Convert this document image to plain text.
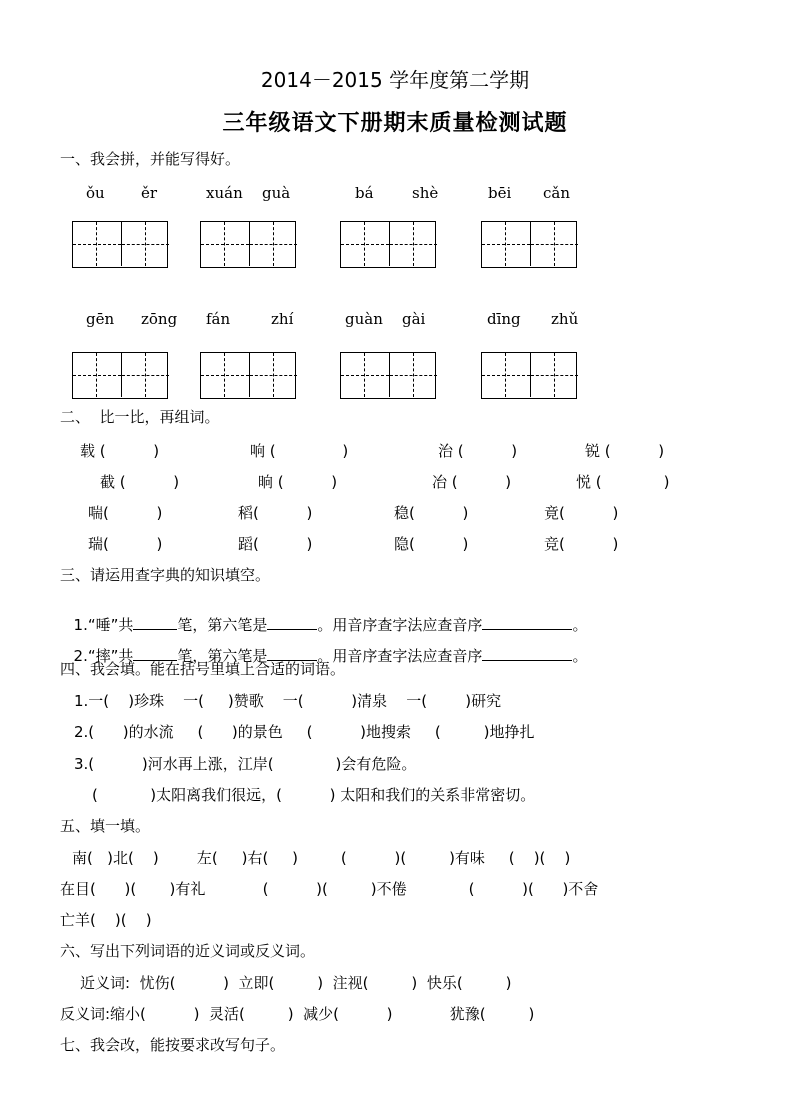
2014－2015 学年度第二学期
三年级语文下册期末质量检测试题
一、我会拼，并能写得好。
ǒu ěr	xuán guà	bá	shè	bēi cǎn
gēn zōng fán	zhí	guàn gài	dīng zhǔ
二、  比一比，再组词。
载 (          )	响 (              )	治 (          )	锐 (          )
截 (          )	晌 (          )	冶 (          )	悦 (             )
喘(          )	稻(          )	稳(          )	竟(          )
瑞(          )	蹈(          )	隐(          )	竞(          )
三、请运用查字典的知识填空。

1.“唾”共	笔，第六笔是	。用音序查字法应查音序	。

2.“摔”共	笔，第六笔是	。用音序查字法应查音序	。

四、我会填。能在括号里填上合适的词语。
1.一(    )珍珠    一(     )赞歌    一(          )清泉    一(        )研究
2.(      )的水流     (      )的景色     (          )地搜索     (         )地挣扎
3.(          )河水再上涨，江岸(             )会有危险。
(           )太阳离我们很远，(          ) 太阳和我们的关系非常密切。
五、填一填。
南(   )北(    )        左(     )右(     )         (          )(         )有味     (    )(    )
在目(      )(       )有礼            (          )(         )不倦             (          )(      )不舍
亡羊(    )(    )
六、写出下列词语的近义词或反义词。
近义词:  忧伤(          )  立即(         )  注视(         )  快乐(         )
反义词:缩小(          )  灵活(         )  减少(          )            犹豫(         )
七、我会改，能按要求改写句子。
